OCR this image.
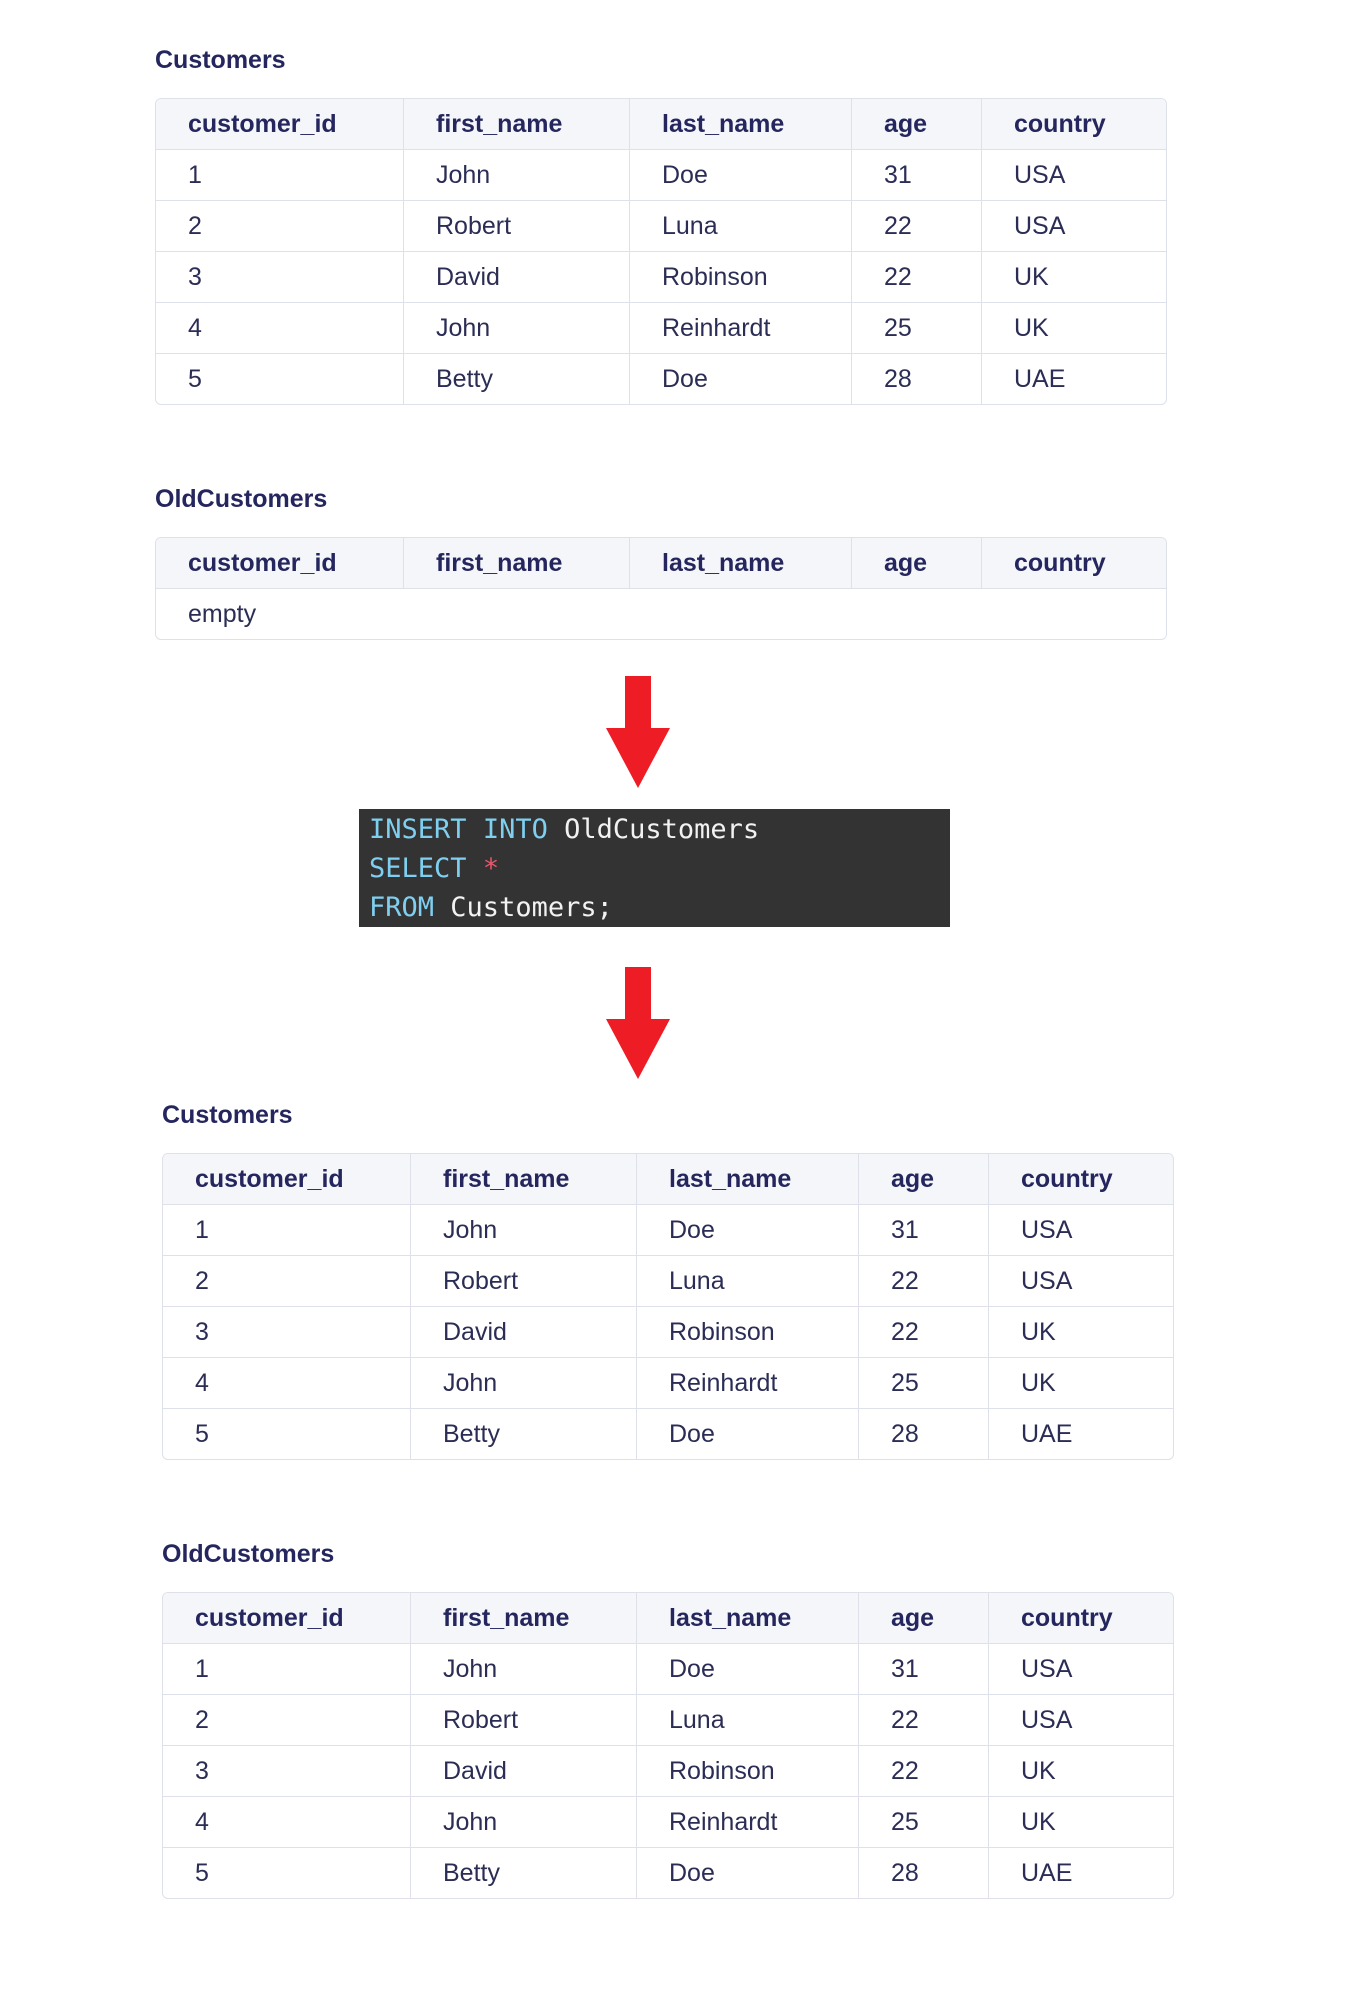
Customers
customer_id	first_name	last_name	age	country
1	John	Doe	31	USA
2	Robert	Luna	22	USA
3	David	Robinson	22	UK
4	John	Reinhardt	25	UK
5	Betty	Doe	28	UAE
OldCustomers
customer_id	first_name	last_name	age	country
empty
INSERT INTO OldCustomers
SELECT *
FROM Customers;
Customers
customer_id	first_name	last_name	age	country
1	John	Doe	31	USA
2	Robert	Luna	22	USA
3	David	Robinson	22	UK
4	John	Reinhardt	25	UK
5	Betty	Doe	28	UAE
OldCustomers
customer_id	first_name	last_name	age	country
1	John	Doe	31	USA
2	Robert	Luna	22	USA
3	David	Robinson	22	UK
4	John	Reinhardt	25	UK
5	Betty	Doe	28	UAE
